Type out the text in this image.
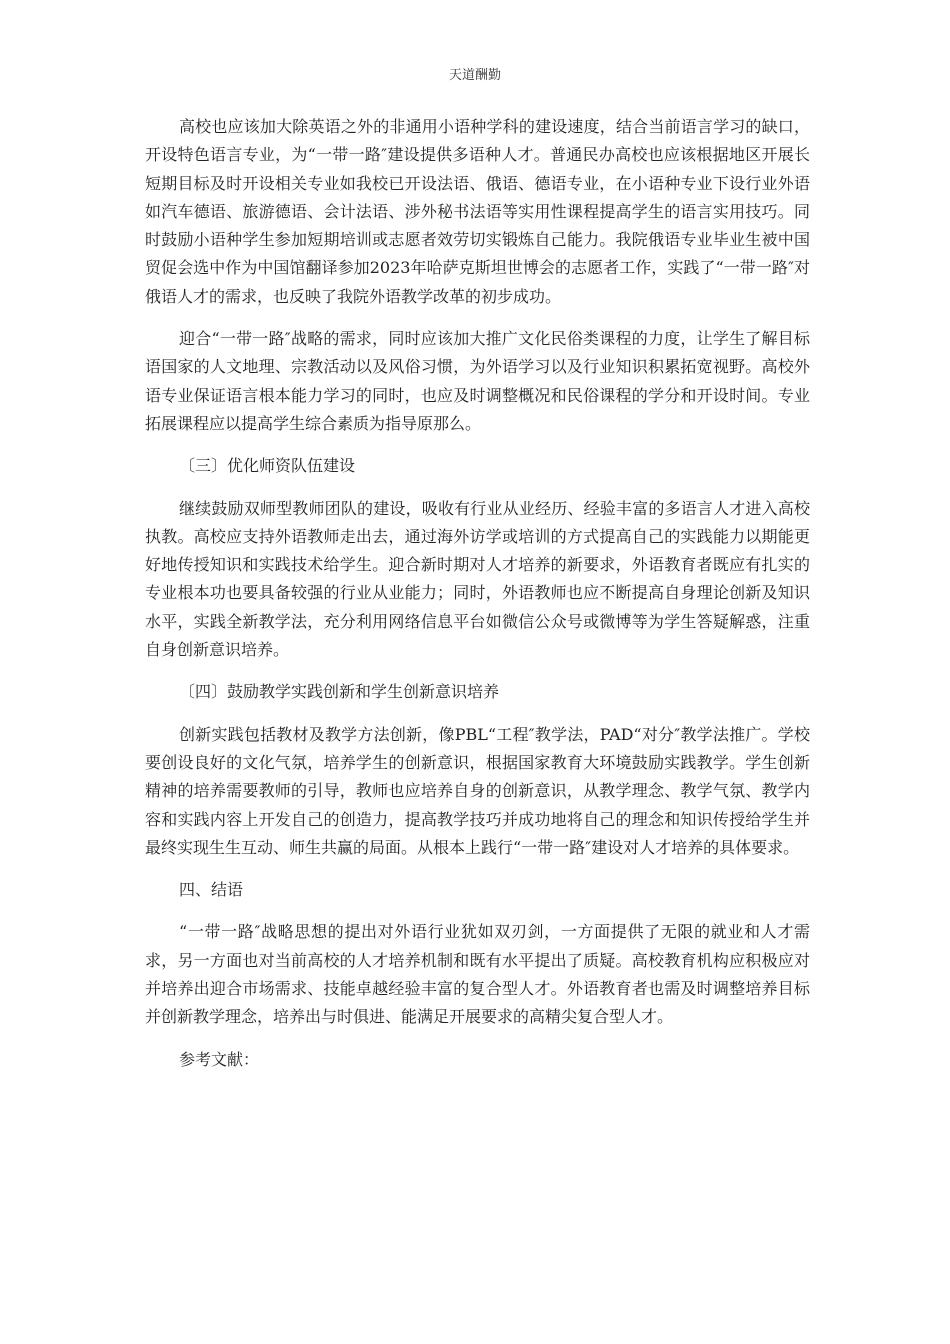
天道酬勤

高校也应该加大除英语之外的非通用小语种学科的建设速度，结合当前语言学习的缺口，开设特色语言专业，为“一带一路″建设提供多语种人才。普通民办高校也应该根据地区开展长短期目标及时开设相关专业如我校已开设法语、俄语、德语专业，在小语种专业下设行业外语如汽车德语、旅游德语、会计法语、涉外秘书法语等实用性课程提高学生的语言实用技巧。同时鼓励小语种学生参加短期培训或志愿者效劳切实锻炼自己能力。我院俄语专业毕业生被中国贸促会选中作为中国馆翻译参加2023年哈萨克斯坦世博会的志愿者工作，实践了“一带一路″对俄语人才的需求，也反映了我院外语教学改革的初步成功。

迎合“一带一路″战略的需求，同时应该加大推广文化民俗类课程的力度，让学生了解目标语国家的人文地理、宗教活动以及风俗习惯，为外语学习以及行业知识积累拓宽视野。高校外语专业保证语言根本能力学习的同时，也应及时调整概况和民俗课程的学分和开设时间。专业拓展课程应以提高学生综合素质为指导原那么。

〔三〕优化师资队伍建设

继续鼓励双师型教师团队的建设，吸收有行业从业经历、经验丰富的多语言人才进入高校执教。高校应支持外语教师走出去，通过海外访学或培训的方式提高自己的实践能力以期能更好地传授知识和实践技术给学生。迎合新时期对人才培养的新要求，外语教育者既应有扎实的专业根本功也要具备较强的行业从业能力；同时，外语教师也应不断提高自身理论创新及知识水平，实践全新教学法，充分利用网络信息平台如微信公众号或微博等为学生答疑解惑，注重自身创新意识培养。

〔四〕鼓励教学实践创新和学生创新意识培养

创新实践包括教材及教学方法创新，像PBL“工程″教学法，PAD“对分″教学法推广。学校要创设良好的文化气氛，培养学生的创新意识，根据国家教育大环境鼓励实践教学。学生创新精神的培养需要教师的引导，教师也应培养自身的创新意识，从教学理念、教学气氛、教学内容和实践内容上开发自己的创造力，提高教学技巧并成功地将自己的理念和知识传授给学生并最终实现生生互动、师生共赢的局面。从根本上践行“一带一路″建设对人才培养的具体要求。

四、结语

“一带一路″战略思想的提出对外语行业犹如双刃剑，一方面提供了无限的就业和人才需求，另一方面也对当前高校的人才培养机制和既有水平提出了质疑。高校教育机构应积极应对并培养出迎合市场需求、技能卓越经验丰富的复合型人才。外语教育者也需及时调整培养目标并创新教学理念，培养出与时俱进、能满足开展要求的高精尖复合型人才。

参考文献：
